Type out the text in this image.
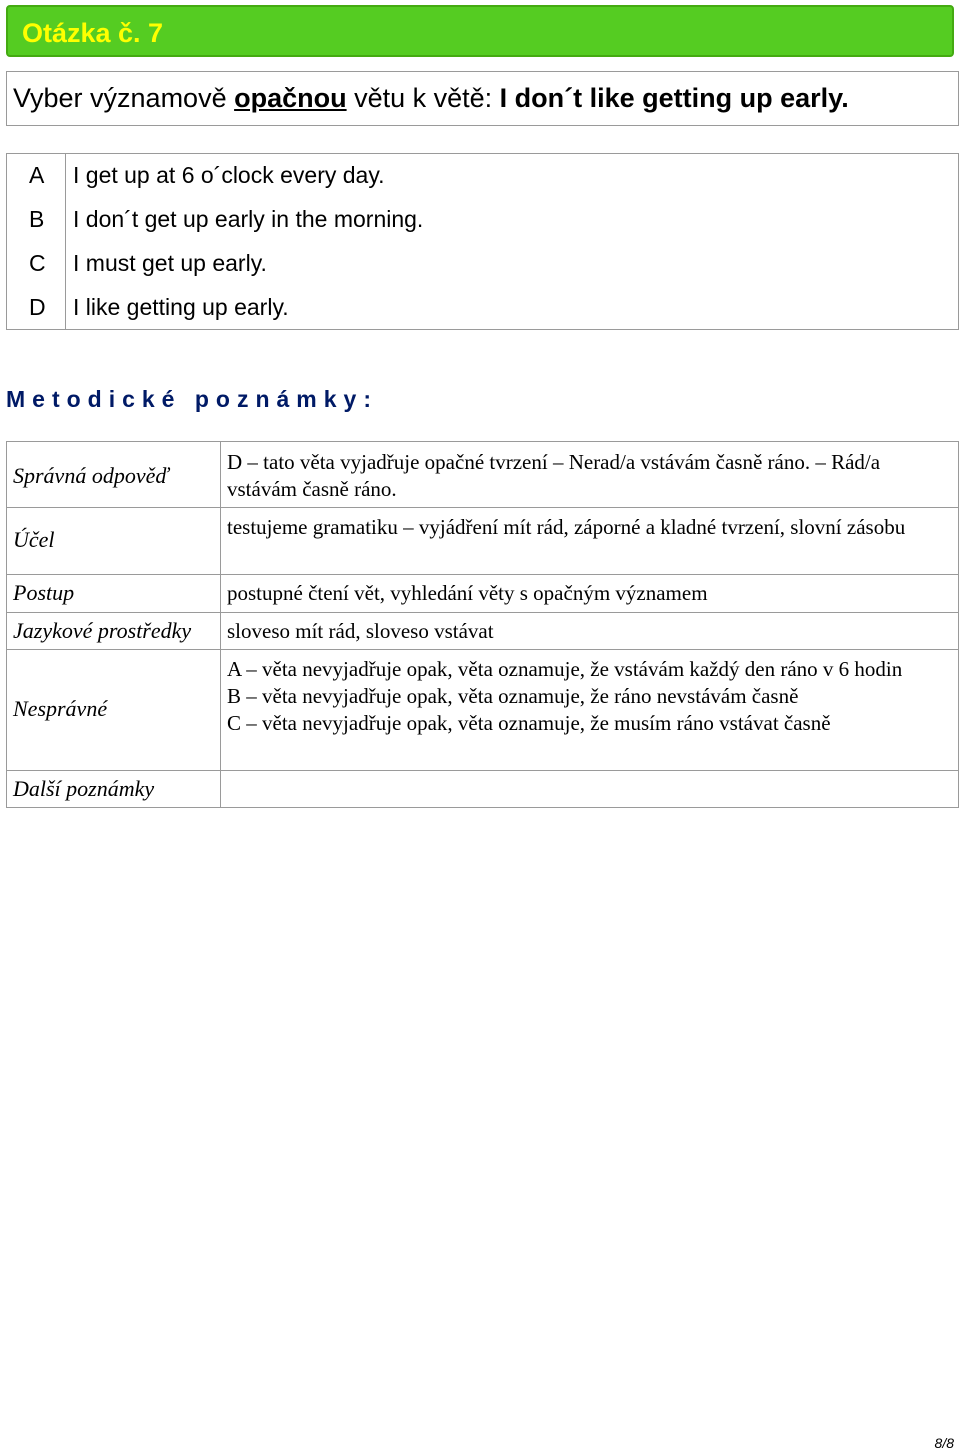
Otázka č. 7
Vyber významově opačnou větu k větě: I don´t like getting up early.
A I get up at 6 o´clock every day.
B I don´t get up early in the morning.
C I must get up early.
D I like getting up early.
Metodické poznámky:
Správná odpověď
D – tato věta vyjadřuje opačné tvrzení – Nerad/a vstávám časně ráno. – Rád/a vstávám časně ráno.
Účel	testujeme gramatiku – vyjádření mít rád, záporné a kladné tvrzení, slovní zásobu
Postup	postupné čtení vět, vyhledání věty s opačným významem
Jazykové prostředky sloveso mít rád, sloveso vstávat
Nesprávné
A – věta nevyjadřuje opak, věta oznamuje, že vstávám každý den ráno v 6 hodin
B – věta nevyjadřuje opak, věta oznamuje, že ráno nevstávám časně
C – věta nevyjadřuje opak, věta oznamuje, že musím ráno vstávat časně
Další poznámky
8/8
